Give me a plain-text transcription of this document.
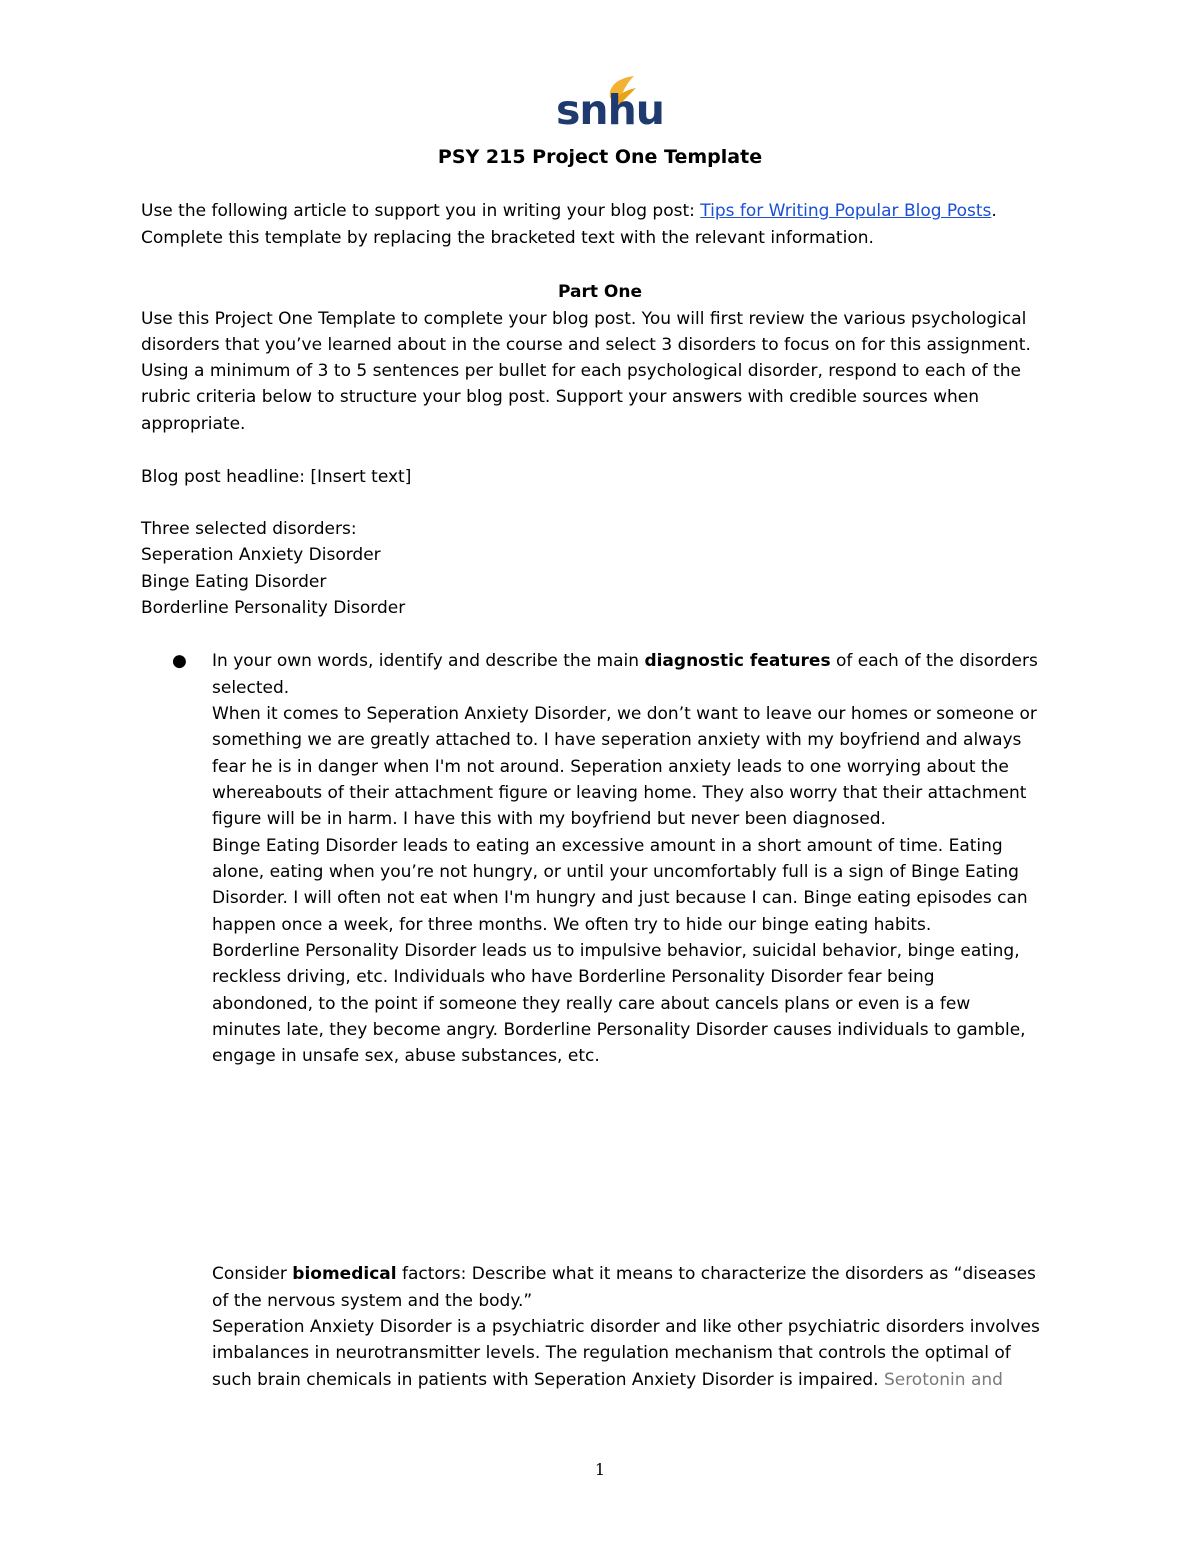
snhu
PSY 215 Project One Template
Use the following article to support you in writing your blog post: Tips for Writing Popular Blog Posts.
Complete this template by replacing the bracketed text with the relevant information.
Part One
Use this Project One Template to complete your blog post. You will first review the various psychological
disorders that you’ve learned about in the course and select 3 disorders to focus on for this assignment.
Using a minimum of 3 to 5 sentences per bullet for each psychological disorder, respond to each of the
rubric criteria below to structure your blog post. Support your answers with credible sources when
appropriate.
Blog post headline: [Insert text]
Three selected disorders:
Seperation Anxiety Disorder
Binge Eating Disorder
Borderline Personality Disorder
● In your own words, identify and describe the main diagnostic features of each of the disorders
selected.
When it comes to Seperation Anxiety Disorder, we don’t want to leave our homes or someone or
something we are greatly attached to. I have seperation anxiety with my boyfriend and always
fear he is in danger when I'm not around. Seperation anxiety leads to one worrying about the
whereabouts of their attachment figure or leaving home. They also worry that their attachment
figure will be in harm. I have this with my boyfriend but never been diagnosed.
Binge Eating Disorder leads to eating an excessive amount in a short amount of time. Eating
alone, eating when you’re not hungry, or until your uncomfortably full is a sign of Binge Eating
Disorder. I will often not eat when I'm hungry and just because I can. Binge eating episodes can
happen once a week, for three months. We often try to hide our binge eating habits.
Borderline Personality Disorder leads us to impulsive behavior, suicidal behavior, binge eating,
reckless driving, etc. Individuals who have Borderline Personality Disorder fear being
abondoned, to the point if someone they really care about cancels plans or even is a few
minutes late, they become angry. Borderline Personality Disorder causes individuals to gamble,
engage in unsafe sex, abuse substances, etc.
Consider biomedical factors: Describe what it means to characterize the disorders as “diseases
of the nervous system and the body.”
Seperation Anxiety Disorder is a psychiatric disorder and like other psychiatric disorders involves
imbalances in neurotransmitter levels. The regulation mechanism that controls the optimal of
such brain chemicals in patients with Seperation Anxiety Disorder is impaired. Serotonin and
1
